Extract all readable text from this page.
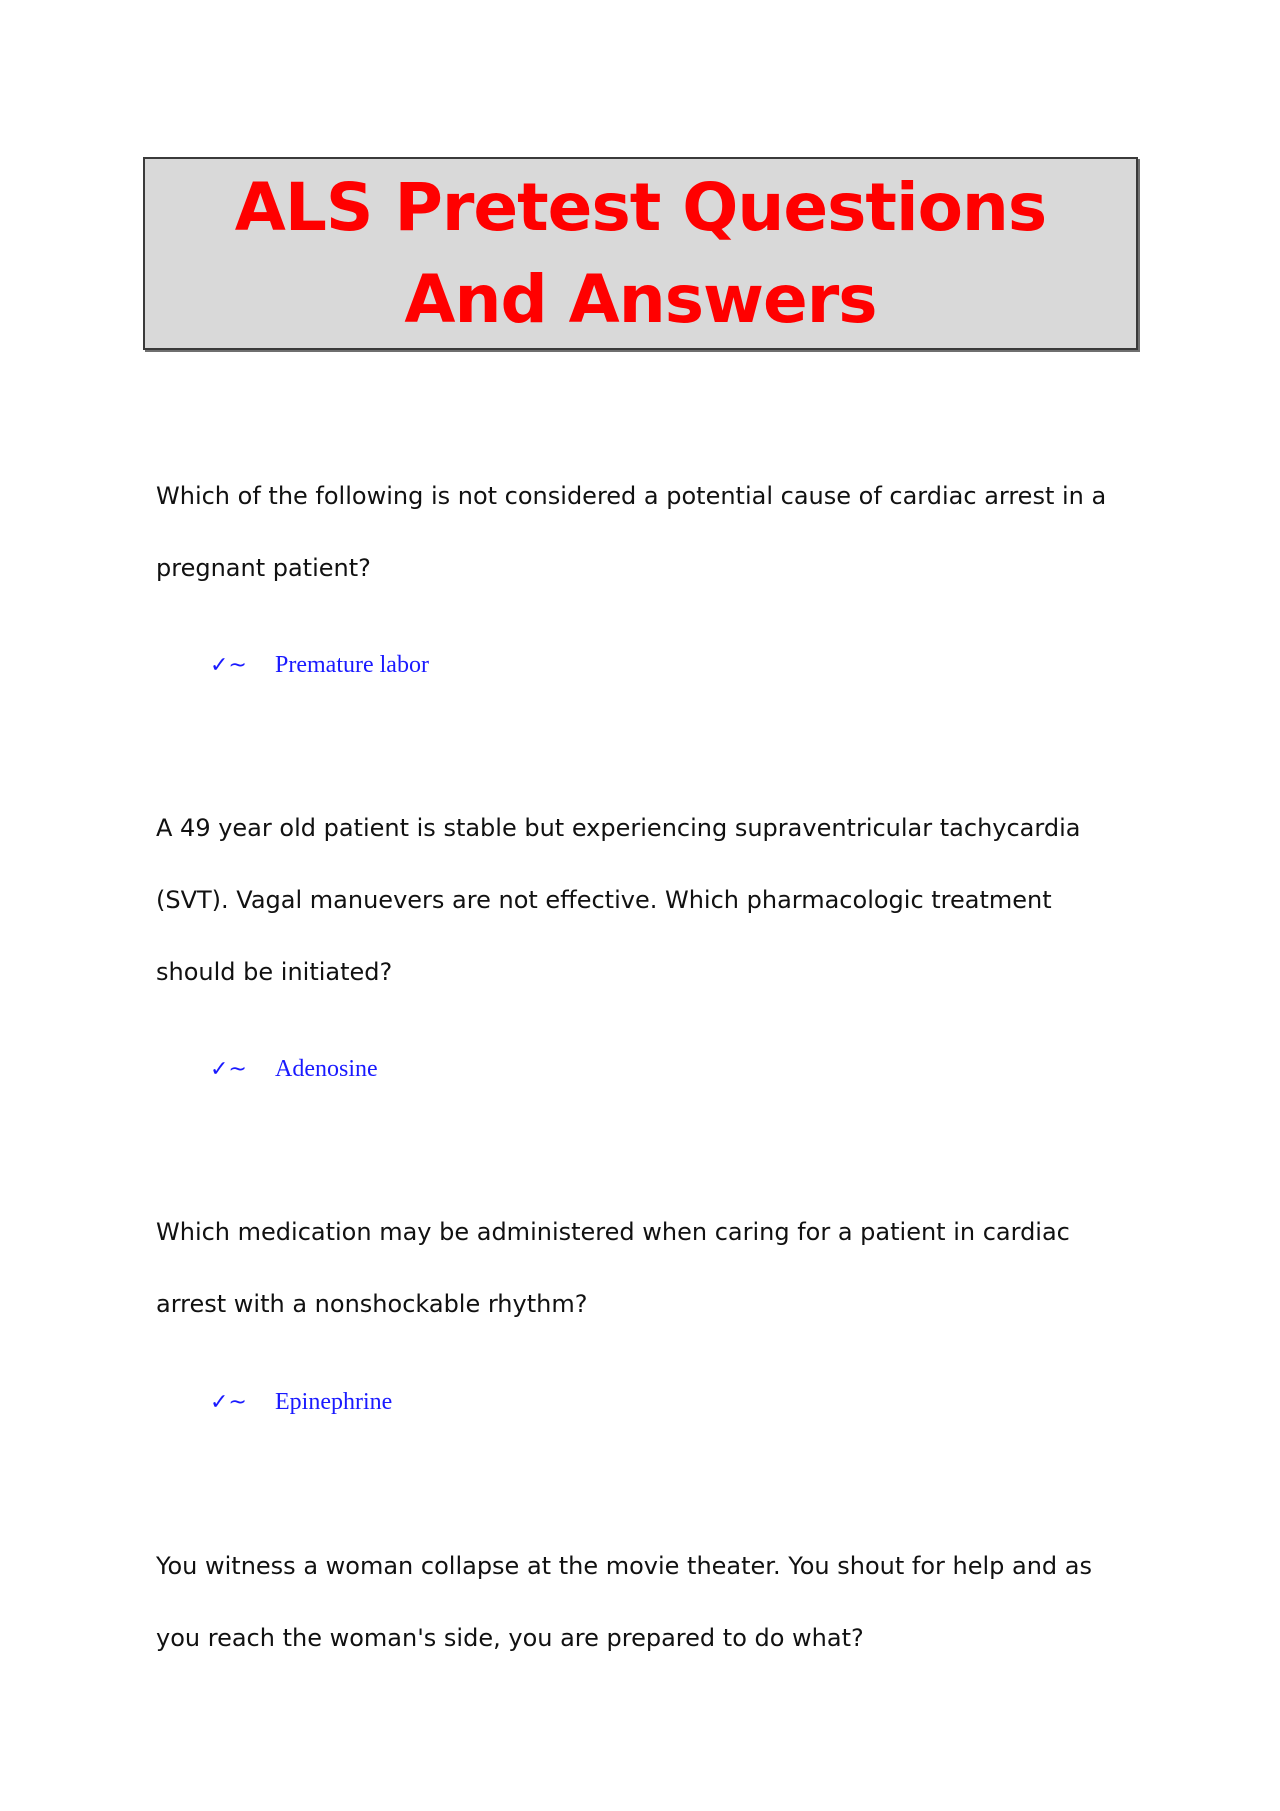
ALS Pretest Questions And Answers

Which of the following is not considered a potential cause of cardiac arrest in a pregnant patient?

✓~	Premature labor

A 49 year old patient is stable but experiencing supraventricular tachycardia (SVT). Vagal manuevers are not effective. Which pharmacologic treatment should be initiated?

✓~	Adenosine

Which medication may be administered when caring for a patient in cardiac arrest with a nonshockable rhythm?

✓~	Epinephrine

You witness a woman collapse at the movie theater. You shout for help and as you reach the woman's side, you are prepared to do what?
